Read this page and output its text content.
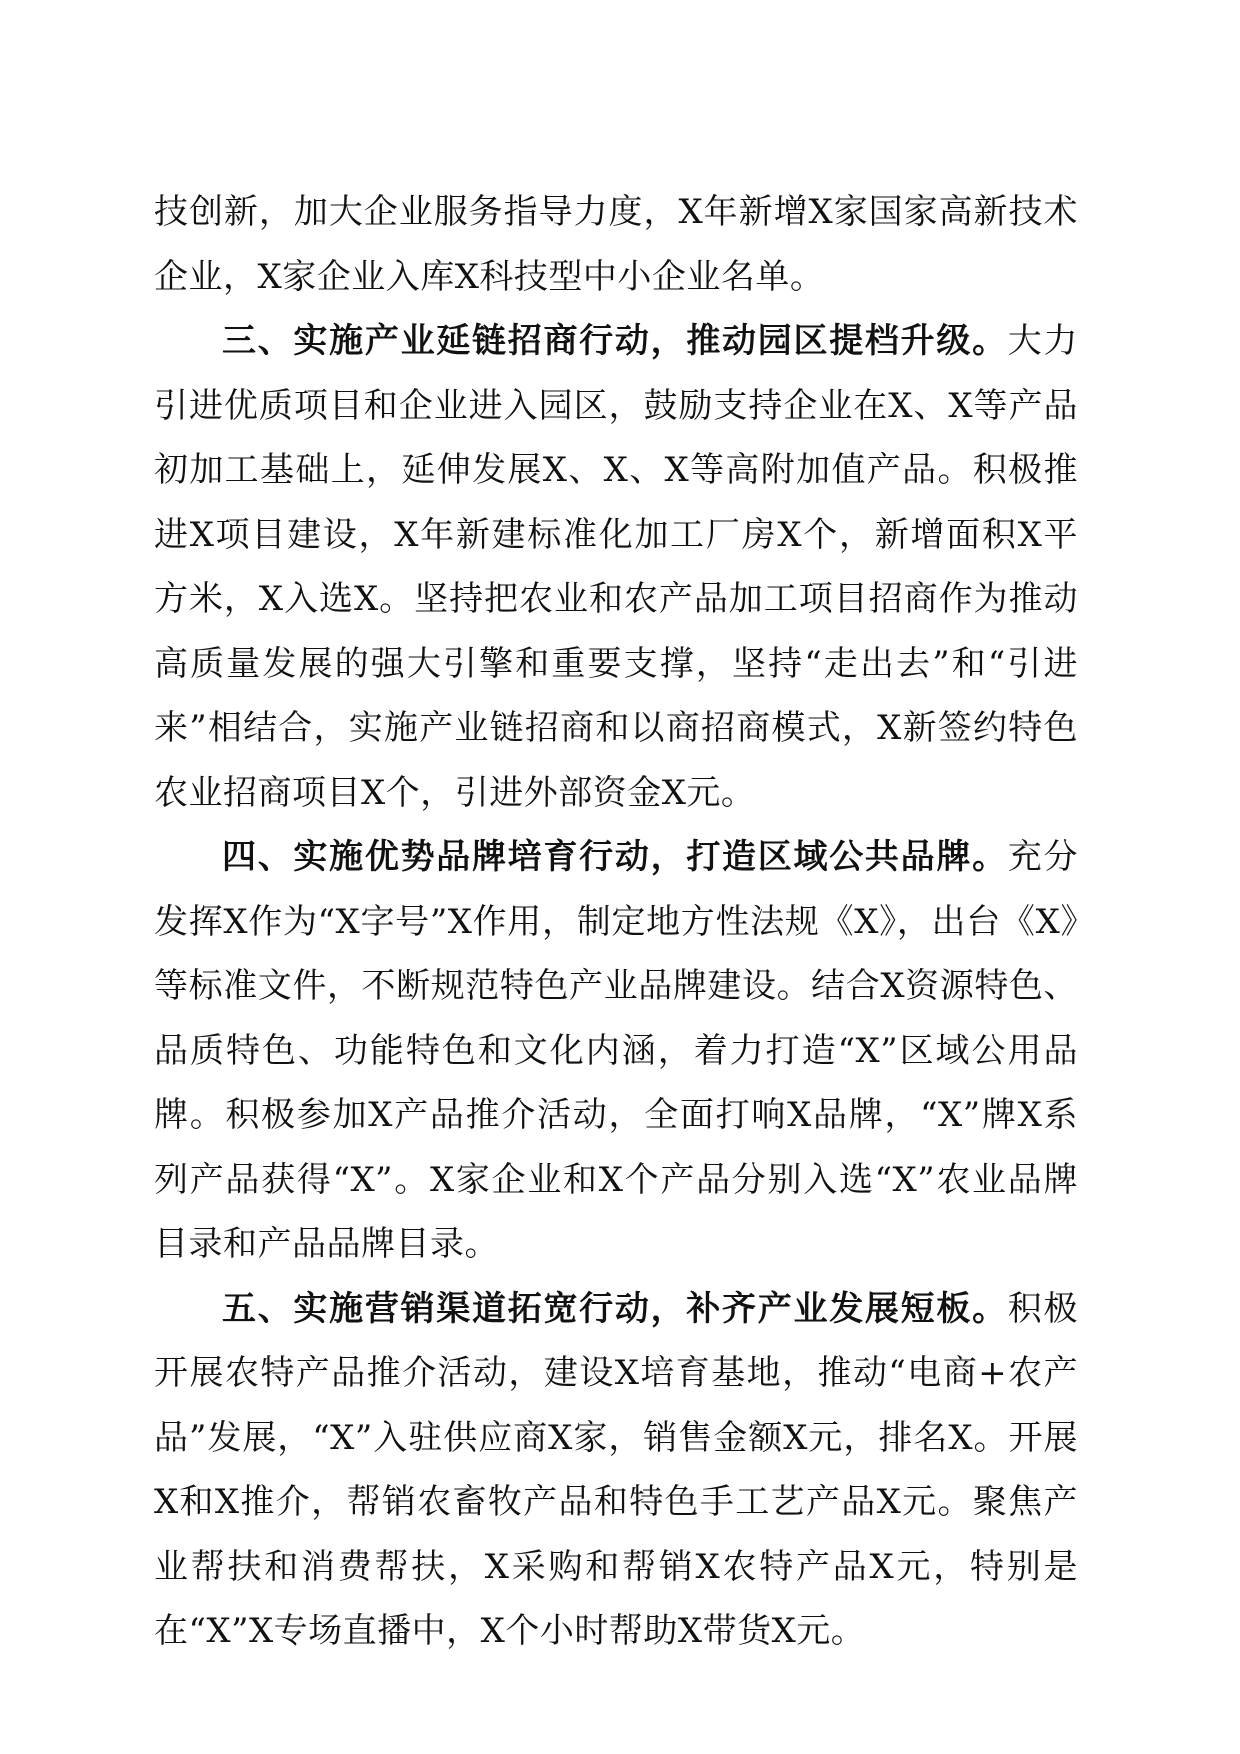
技创新，加大企业服务指导力度，X年新增X家国家高新技术企业，X家企业入库X科技型中小企业名单。

三、实施产业延链招商行动，推动园区提档升级。大力引进优质项目和企业进入园区，鼓励支持企业在X、X等产品初加工基础上，延伸发展X、X、X等高附加值产品。积极推进X项目建设，X年新建标准化加工厂房X个，新增面积X平方米，X入选X。坚持把农业和农产品加工项目招商作为推动高质量发展的强大引擎和重要支撑，坚持“走出去”和“引进来”相结合，实施产业链招商和以商招商模式，X新签约特色农业招商项目X个，引进外部资金X元。

四、实施优势品牌培育行动，打造区域公共品牌。充分发挥X作为“X字号”X作用，制定地方性法规《X》，出台《X》等标准文件，不断规范特色产业品牌建设。结合X资源特色、品质特色、功能特色和文化内涵，着力打造“X”区域公用品牌。积极参加X产品推介活动，全面打响X品牌，“X”牌X系列产品获得“X”。X家企业和X个产品分别入选“X”农业品牌目录和产品品牌目录。

五、实施营销渠道拓宽行动，补齐产业发展短板。积极开展农特产品推介活动，建设X培育基地，推动“电商+农产品”发展，“X”入驻供应商X家，销售金额X元，排名X。开展X和X推介，帮销农畜牧产品和特色手工艺产品X元。聚焦产业帮扶和消费帮扶，X采购和帮销X农特产品X元，特别是在“X”X专场直播中，X个小时帮助X带货X元。
